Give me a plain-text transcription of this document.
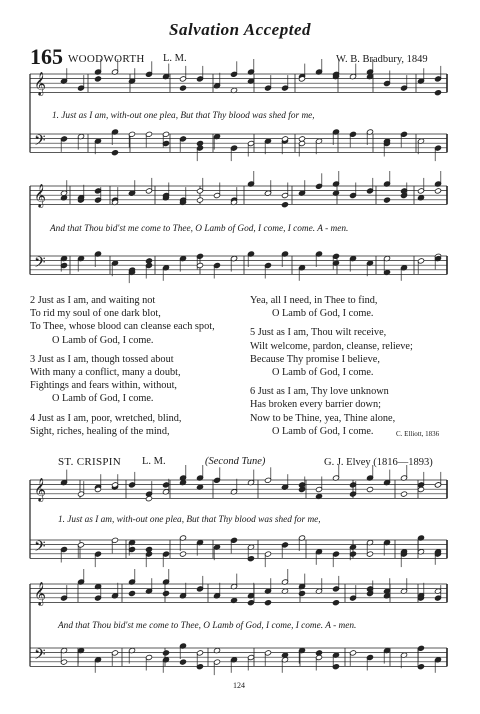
Salvation Accepted
165 WOODWORTH L. M.	W. B. Bradbury, 1849
𝄞
𝄢
𝄞
𝄢
𝄞
𝄢
𝄞
𝄢
1. Just as I am, with-out one plea, But that Thy blood was shed for me,
And that Thou bid'st me come to Thee, O Lamb of God, I come, I come. A - men.

2 Just as I am, and waiting not

To rid my soul of one dark blot,

To Thee, whose blood can cleanse each spot,

O Lamb of God, I come.

3 Just as I am, though tossed about

With many a conflict, many a doubt,

Fightings and fears within, without,

O Lamb of God, I come.

4 Just as I am, poor, wretched, blind,

Sight, riches, healing of the mind,

Yea, all I need, in Thee to find,

O Lamb of God, I come.

5 Just as I am, Thou wilt receive,

Wilt welcome, pardon, cleanse, relieve;

Because Thy promise I believe,

O Lamb of God, I come.

6 Just as I am, Thy love unknown

Has broken every barrier down;

Now to be Thine, yea, Thine alone,

O Lamb of God, I come.	C. Elliott, 1836
ST. CRISPIN L. M.	(Second Tune)	G. J. Elvey (1816—1893)
1. Just as I am, with-out one plea, But that Thy blood was shed for me,
And that Thou bid'st me come to Thee, O Lamb of God, I come, I come. A - men.
124
